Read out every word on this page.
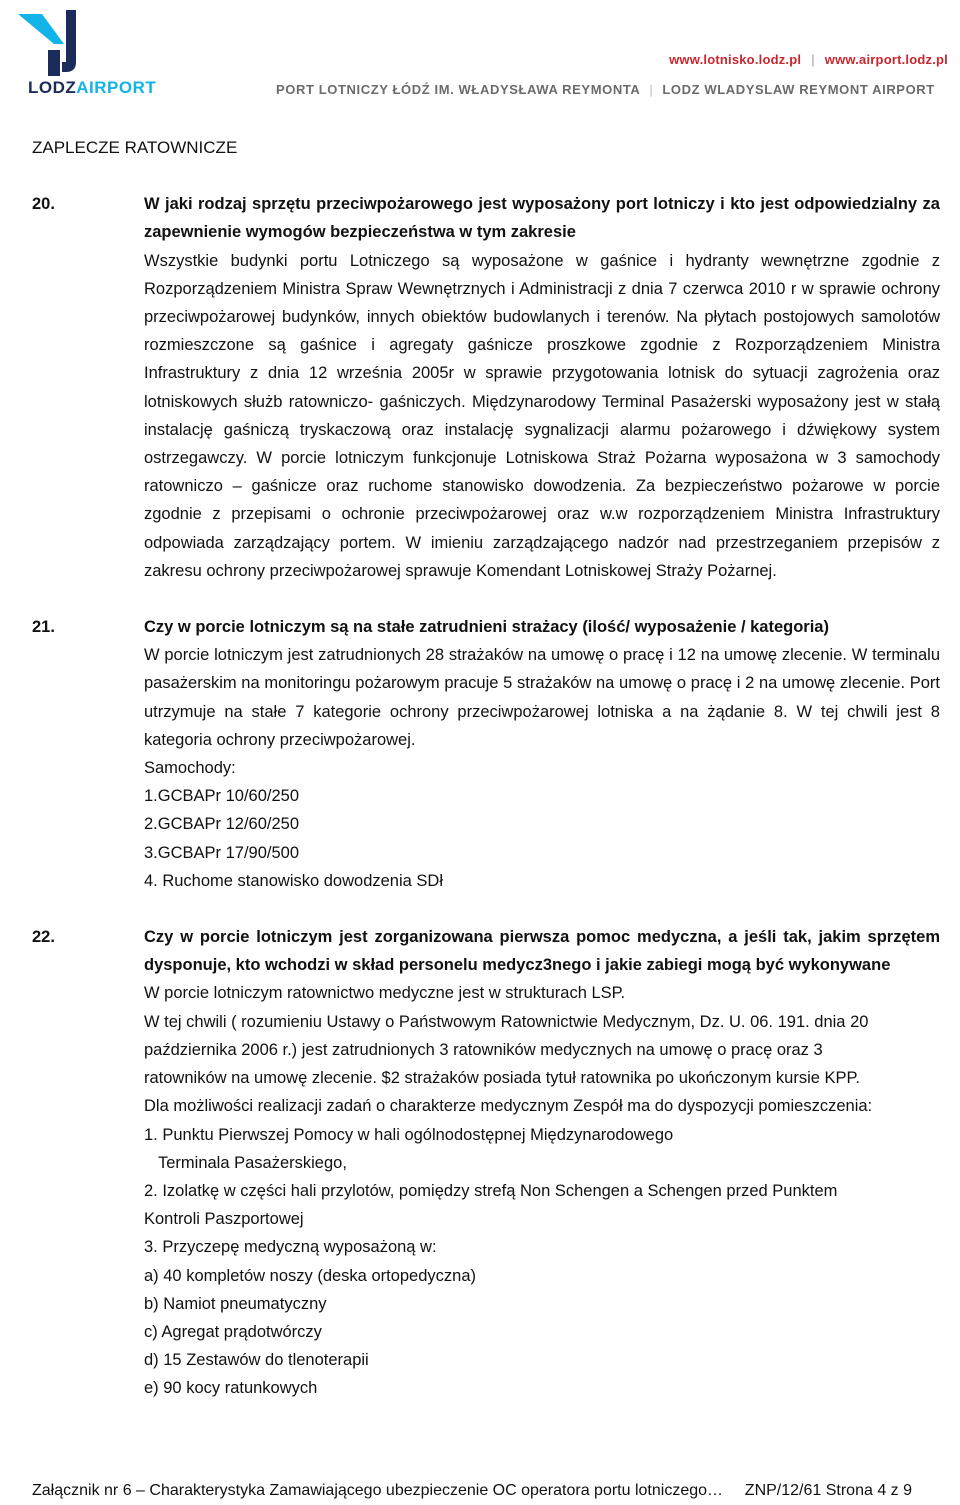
LODZAIRPORT
www.lotnisko.lodz.pl | www.airport.lodz.pl
PORT LOTNICZY ŁÓDŹ IM. WŁADYSŁAWA REYMONTA | LODZ WLADYSLAW REYMONT AIRPORT
ZAPLECZE RATOWNICZE
20.	W jaki rodzaj sprzętu przeciwpożarowego jest wyposażony port lotniczy i kto jest odpowiedzialny za zapewnienie wymogów bezpieczeństwa w tym zakresie
Wszystkie budynki portu Lotniczego są wyposażone w gaśnice i hydranty wewnętrzne zgodnie z Rozporządzeniem Ministra Spraw Wewnętrznych i Administracji z dnia 7 czerwca 2010 r w sprawie ochrony przeciwpożarowej budynków, innych obiektów budowlanych i terenów. Na płytach postojowych samolotów rozmieszczone są gaśnice i agregaty gaśnicze proszkowe zgodnie z Rozporządzeniem Ministra Infrastruktury z dnia 12 września 2005r w sprawie przygotowania lotnisk do sytuacji zagrożenia oraz lotniskowych służb ratowniczo- gaśniczych. Międzynarodowy Terminal Pasażerski wyposażony jest w stałą instalację gaśniczą tryskaczową oraz instalację sygnalizacji alarmu pożarowego i dźwiękowy system ostrzegawczy. W porcie lotniczym funkcjonuje Lotniskowa Straż Pożarna wyposażona w 3 samochody ratowniczo – gaśnicze oraz ruchome stanowisko dowodzenia. Za bezpieczeństwo pożarowe w porcie zgodnie z przepisami o ochronie przeciwpożarowej oraz w.w rozporządzeniem Ministra Infrastruktury odpowiada zarządzający portem. W imieniu zarządzającego nadzór nad przestrzeganiem przepisów z zakresu ochrony przeciwpożarowej sprawuje Komendant Lotniskowej Straży Pożarnej.
21.	Czy w porcie lotniczym są na stałe zatrudnieni strażacy (ilość/ wyposażenie / kategoria)
W porcie lotniczym jest zatrudnionych 28 strażaków na umowę o pracę i 12 na umowę zlecenie. W terminalu pasażerskim na monitoringu pożarowym pracuje 5 strażaków na umowę o pracę i 2 na umowę zlecenie. Port utrzymuje na stałe 7 kategorie ochrony przeciwpożarowej lotniska a na żądanie 8. W tej chwili jest 8 kategoria ochrony przeciwpożarowej.
Samochody:
1.GCBAPr 10/60/250
2.GCBAPr 12/60/250
3.GCBAPr 17/90/500
4. Ruchome stanowisko dowodzenia SDł
22.	Czy w porcie lotniczym jest zorganizowana pierwsza pomoc medyczna, a jeśli tak, jakim sprzętem dysponuje, kto wchodzi w skład personelu medycz3nego i jakie zabiegi mogą być wykonywane
W porcie lotniczym ratownictwo medyczne jest w strukturach LSP.
W tej chwili ( rozumieniu Ustawy o Państwowym Ratownictwie Medycznym, Dz. U. 06. 191. dnia 20
października 2006 r.) jest zatrudnionych 3 ratowników medycznych na umowę o pracę oraz 3
ratowników na umowę zlecenie. $2 strażaków posiada tytuł ratownika po ukończonym kursie KPP.
Dla możliwości realizacji zadań o charakterze medycznym Zespół ma do dyspozycji pomieszczenia:
1. Punktu Pierwszej Pomocy w hali ogólnodostępnej Międzynarodowego
Terminala Pasażerskiego,
2. Izolatkę w części hali przylotów, pomiędzy strefą Non Schengen a Schengen przed Punktem
Kontroli Paszportowej
3. Przyczepę medyczną wyposażoną w:
a) 40 kompletów noszy (deska ortopedyczna)
b) Namiot pneumatyczny
c) Agregat prądotwórczy
d) 15 Zestawów do tlenoterapii
e) 90 kocy ratunkowych
Załącznik nr 6 – Charakterystyka Zamawiającego ubezpieczenie OC operatora portu lotniczego… ZNP/12/61 Strona 4 z 9
